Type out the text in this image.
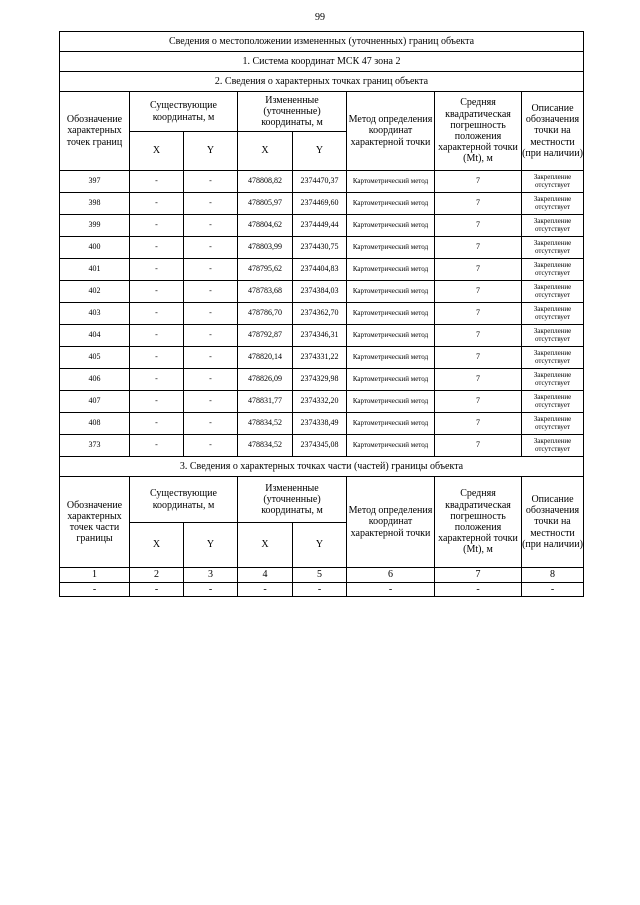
99
Сведения о местоположении измененных (уточненных) границ объекта							
1. Система координат МСК 47 зона 2							
2. Сведения о характерных точках границ объекта							
Обозначение характерных точек границ	Существующие координаты, м		Измененные (уточненные) координаты, м		Метод определения координат характерной точки	Средняя квадратическая погрешность положения характерной точки (Mt), м	Описание обозначения точки на местности (при наличии)
	X	Y	X	Y			
397	-	-	478808,82	2374470,37	Картометрический метод	7	Закрепление отсутствует
398	-	-	478805,97	2374469,60	Картометрический метод	7	Закрепление отсутствует
399	-	-	478804,62	2374449,44	Картометрический метод	7	Закрепление отсутствует
400	-	-	478803,99	2374430,75	Картометрический метод	7	Закрепление отсутствует
401	-	-	478795,62	2374404,83	Картометрический метод	7	Закрепление отсутствует
402	-	-	478783,68	2374384,03	Картометрический метод	7	Закрепление отсутствует
403	-	-	478786,70	2374362,70	Картометрический метод	7	Закрепление отсутствует
404	-	-	478792,87	2374346,31	Картометрический метод	7	Закрепление отсутствует
405	-	-	478820,14	2374331,22	Картометрический метод	7	Закрепление отсутствует
406	-	-	478826,09	2374329,98	Картометрический метод	7	Закрепление отсутствует
407	-	-	478831,77	2374332,20	Картометрический метод	7	Закрепление отсутствует
408	-	-	478834,52	2374338,49	Картометрический метод	7	Закрепление отсутствует
373	-	-	478834,52	2374345,08	Картометрический метод	7	Закрепление отсутствует
3. Сведения о характерных точках части (частей) границы объекта							
Обозначение характерных точек части границы	Существующие координаты, м		Измененные (уточненные) координаты, м		Метод определения координат характерной точки	Средняя квадратическая погрешность положения характерной точки (Mt), м	Описание обозначения точки на местности (при наличии)
	X	Y	X	Y			
1	2	3	4	5	6	7	8
-	-	-	-	-	-	-	-
